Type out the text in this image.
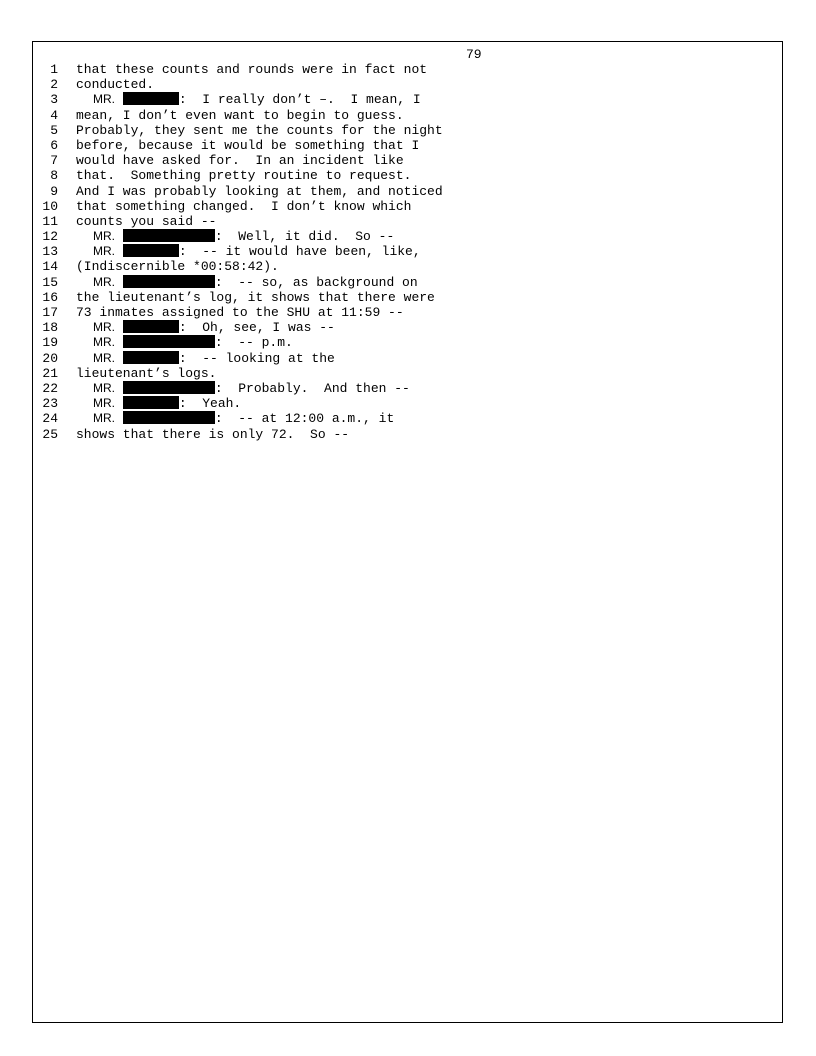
79
1 that these counts and rounds were in fact not
2 conducted.
3	MR.	:  I really don’t –.  I mean, I
4 mean, I don’t even want to begin to guess.
5 Probably, they sent me the counts for the night
6 before, because it would be something that I
7 would have asked for.  In an incident like
8 that.  Something pretty routine to request.
9 And I was probably looking at them, and noticed
10 that something changed.  I don’t know which
11 counts you said --
12	MR.	:  Well, it did.  So --
13	MR.	:  -- it would have been, like,
14 (Indiscernible *00:58:42).
15	MR.	:  -- so, as background on
16 the lieutenant’s log, it shows that there were
17 73 inmates assigned to the SHU at 11:59 --
18	MR.	:  Oh, see, I was --
19	MR.	:  -- p.m.
20	MR.	:  -- looking at the
21 lieutenant’s logs.
22	MR.	:  Probably.  And then --
23	MR.	:  Yeah.
24	MR.	:  -- at 12:00 a.m., it
25 shows that there is only 72.  So --
